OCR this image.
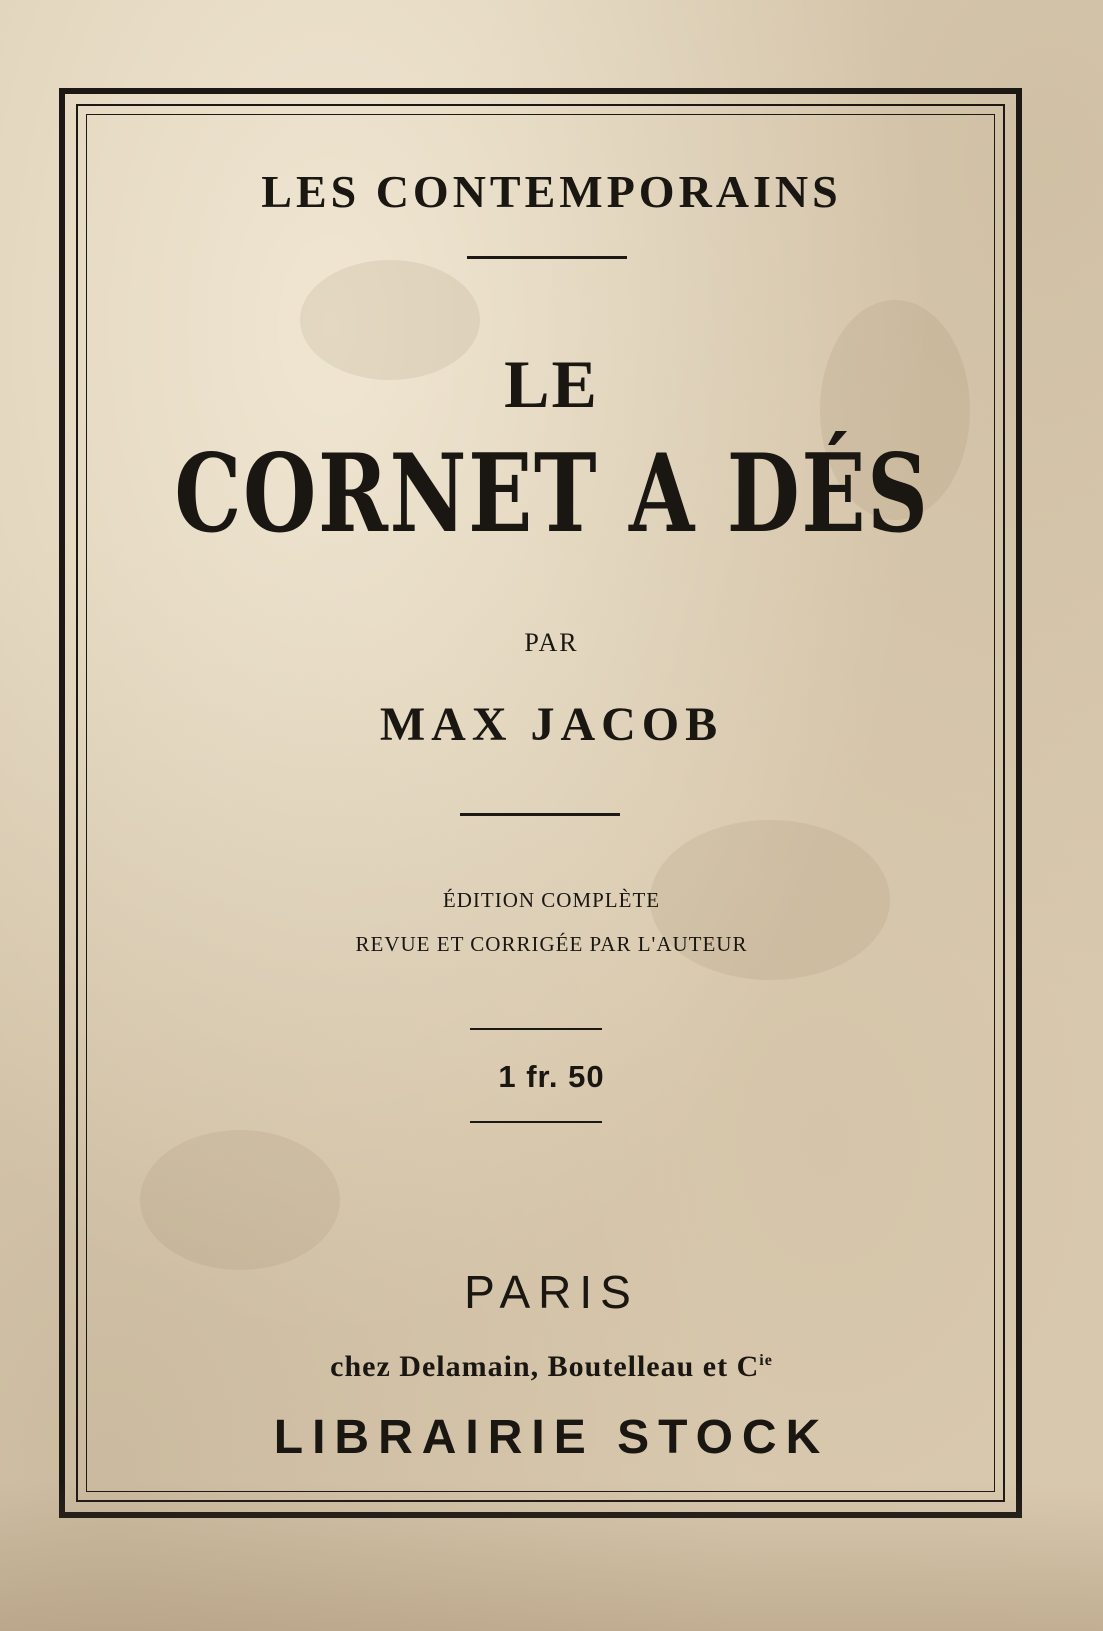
LES CONTEMPORAINS
LE
CORNET A DÉS
PAR
MAX JACOB
ÉDITION COMPLÈTE
REVUE ET CORRIGÉE PAR L'AUTEUR
1 fr. 50
PARIS
chez Delamain, Boutelleau et $C^{ie}$
LIBRAIRIE STOCK
